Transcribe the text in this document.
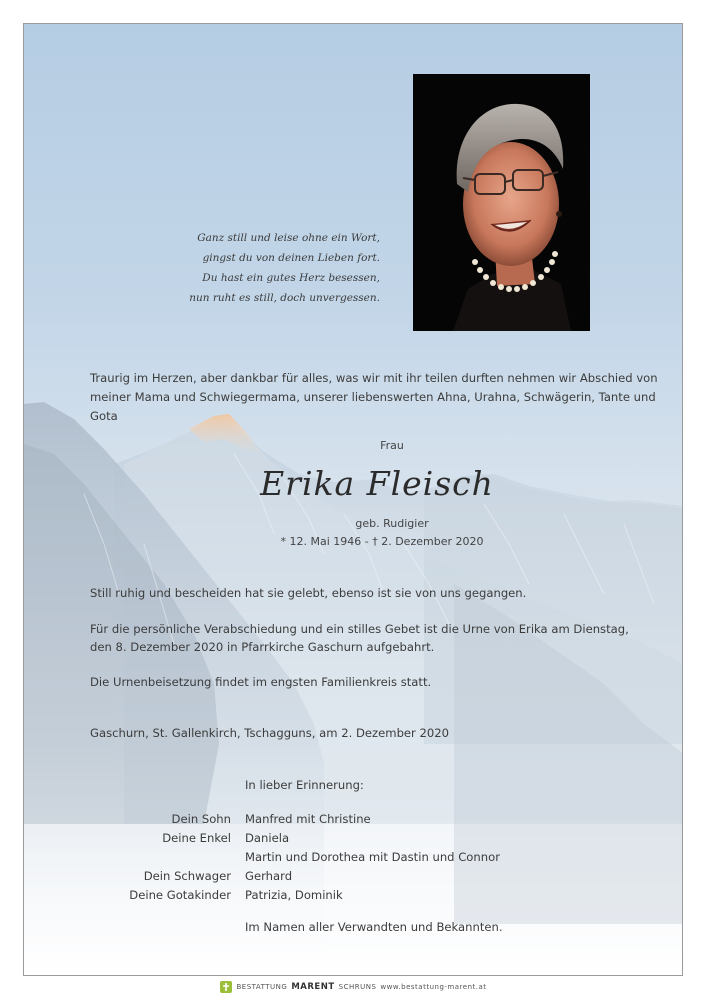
Ganz still und leise ohne ein Wort,
gingst du von deinen Lieben fort.
Du hast ein gutes Herz besessen,
nun ruht es still, doch unvergessen.
Traurig im Herzen, aber dankbar für alles, was wir mit ihr teilen durften nehmen wir Abschied von meiner Mama und Schwiegermama, unserer liebenswerten Ahna, Urahna, Schwägerin, Tante und Gota
Frau
Erika Fleisch
geb. Rudigier
* 12. Mai 1946 - † 2. Dezember 2020
Still ruhig und bescheiden hat sie gelebt, ebenso ist sie von uns gegangen.
Für die persönliche Verabschiedung und ein stilles Gebet ist die Urne von Erika am Dienstag, den 8. Dezember 2020 in Pfarrkirche Gaschurn aufgebahrt.
Die Urnenbeisetzung findet im engsten Familienkreis statt.
Gaschurn, St. Gallenkirch, Tschagguns, am 2. Dezember 2020
In lieber Erinnerung:
Dein Sohn Manfred mit Christine
Deine Enkel Daniela
Martin und Dorothea mit Dastin und Connor
Dein Schwager Gerhard
Deine Gotakinder Patrizia, Dominik
Im Namen aller Verwandten und Bekannten.
BESTATTUNG MARENT SCHRUNS www.bestattung-marent.at
